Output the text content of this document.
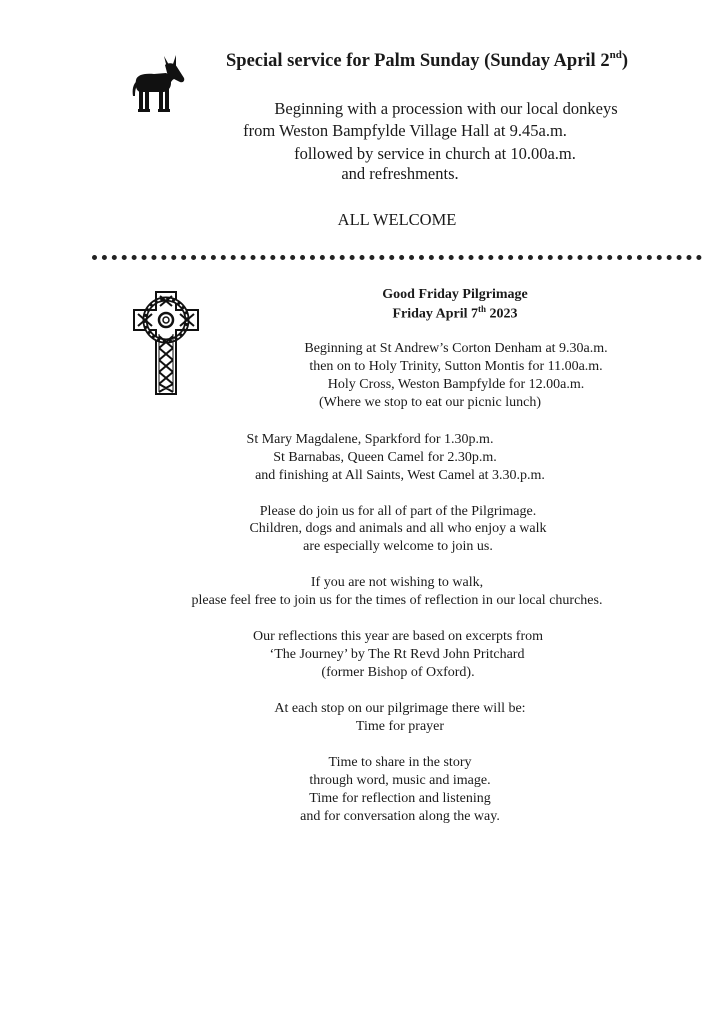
Special service for Palm Sunday (Sunday April 2nd)
Beginning with a procession with our local donkeys
from Weston Bampfylde Village Hall at 9.45a.m.
followed by service in church at 10.00a.m.
and refreshments.
ALL WELCOME
Good Friday Pilgrimage
Friday April 7th 2023
Beginning at St Andrew’s Corton Denham at 9.30a.m.
then on to Holy Trinity, Sutton Montis for 11.00a.m.
Holy Cross, Weston Bampfylde for 12.00a.m.
(Where we stop to eat our picnic lunch)
St Mary Magdalene, Sparkford for 1.30p.m.
St Barnabas, Queen Camel for 2.30p.m.
and finishing at All Saints, West Camel at 3.30.p.m.
Please do join us for all of part of the Pilgrimage.
Children, dogs and animals and all who enjoy a walk
are especially welcome to join us.
If you are not wishing to walk,
please feel free to join us for the times of reflection in our local churches.
Our reflections this year are based on excerpts from
‘The Journey’ by The Rt Revd John Pritchard
(former Bishop of Oxford).
At each stop on our pilgrimage there will be:
Time for prayer
Time to share in the story
through word, music and image.
Time for reflection and listening
and for conversation along the way.
